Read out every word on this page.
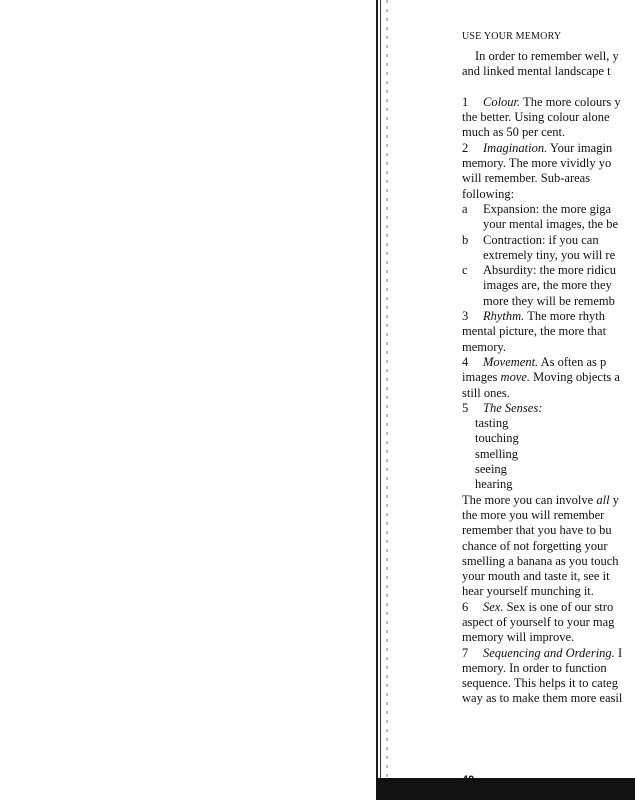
USE YOUR MEMORY
In order to remember well, y
and linked mental landscape t
1 Colour. The more colours y
the better. Using colour alone
much as 50 per cent.
2 Imagination. Your imagin
memory. The more vividly yo
will remember. Sub-areas
following:
a Expansion: the more giga
your mental images, the be
b Contraction: if you can
extremely tiny, you will re
c Absurdity: the more ridicu
images are, the more they
more they will be rememb
3 Rhythm. The more rhyth
mental picture, the more that
memory.
4 Movement. As often as p
images move. Moving objects a
still ones.
5 The Senses:
tasting
touching
smelling
seeing
hearing
The more you can involve all y
the more you will remember
remember that you have to bu
chance of not forgetting your
smelling a banana as you touch
your mouth and taste it, see it
hear yourself munching it.
6 Sex. Sex is one of our stro
aspect of yourself to your mag
memory will improve.
7 Sequencing and Ordering. I
memory. In order to function
sequence. This helps it to categ
way as to make them more easil
